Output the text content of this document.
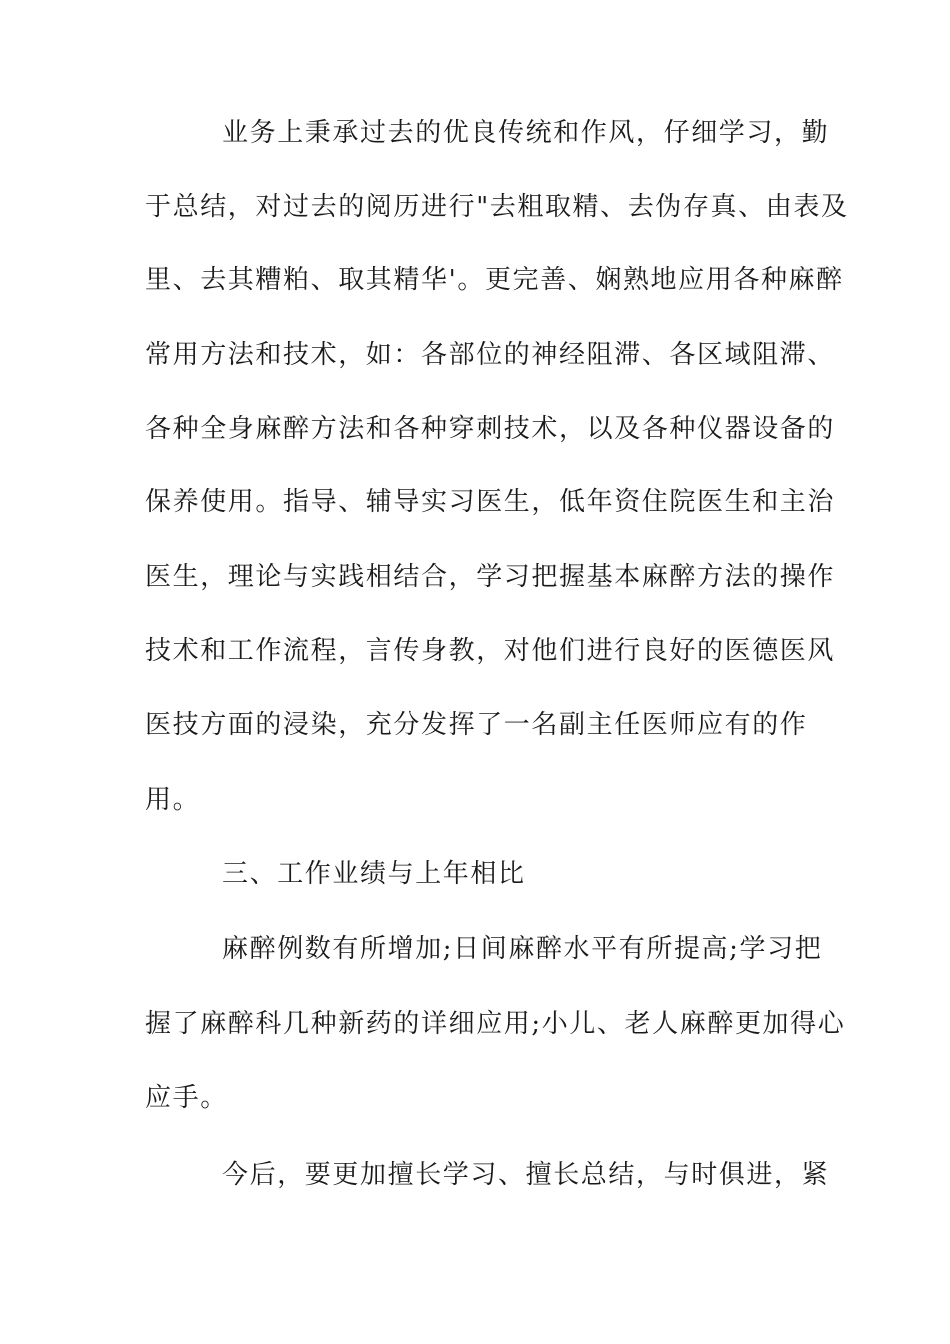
业务上秉承过去的优良传统和作风，仔细学习，勤
于总结，对过去的阅历进行"去粗取精、去伪存真、由表及
里、去其糟粕、取其精华'。更完善、娴熟地应用各种麻醉
常用方法和技术，如：各部位的神经阻滞、各区域阻滞、
各种全身麻醉方法和各种穿刺技术，以及各种仪器设备的
保养使用。指导、辅导实习医生，低年资住院医生和主治
医生，理论与实践相结合，学习把握基本麻醉方法的操作
技术和工作流程，言传身教，对他们进行良好的医德医风
医技方面的浸染，充分发挥了一名副主任医师应有的作
用。
三、工作业绩与上年相比
麻醉例数有所增加;日间麻醉水平有所提高;学习把
握了麻醉科几种新药的详细应用;小儿、老人麻醉更加得心
应手。
今后，要更加擅长学习、擅长总结，与时俱进，紧
